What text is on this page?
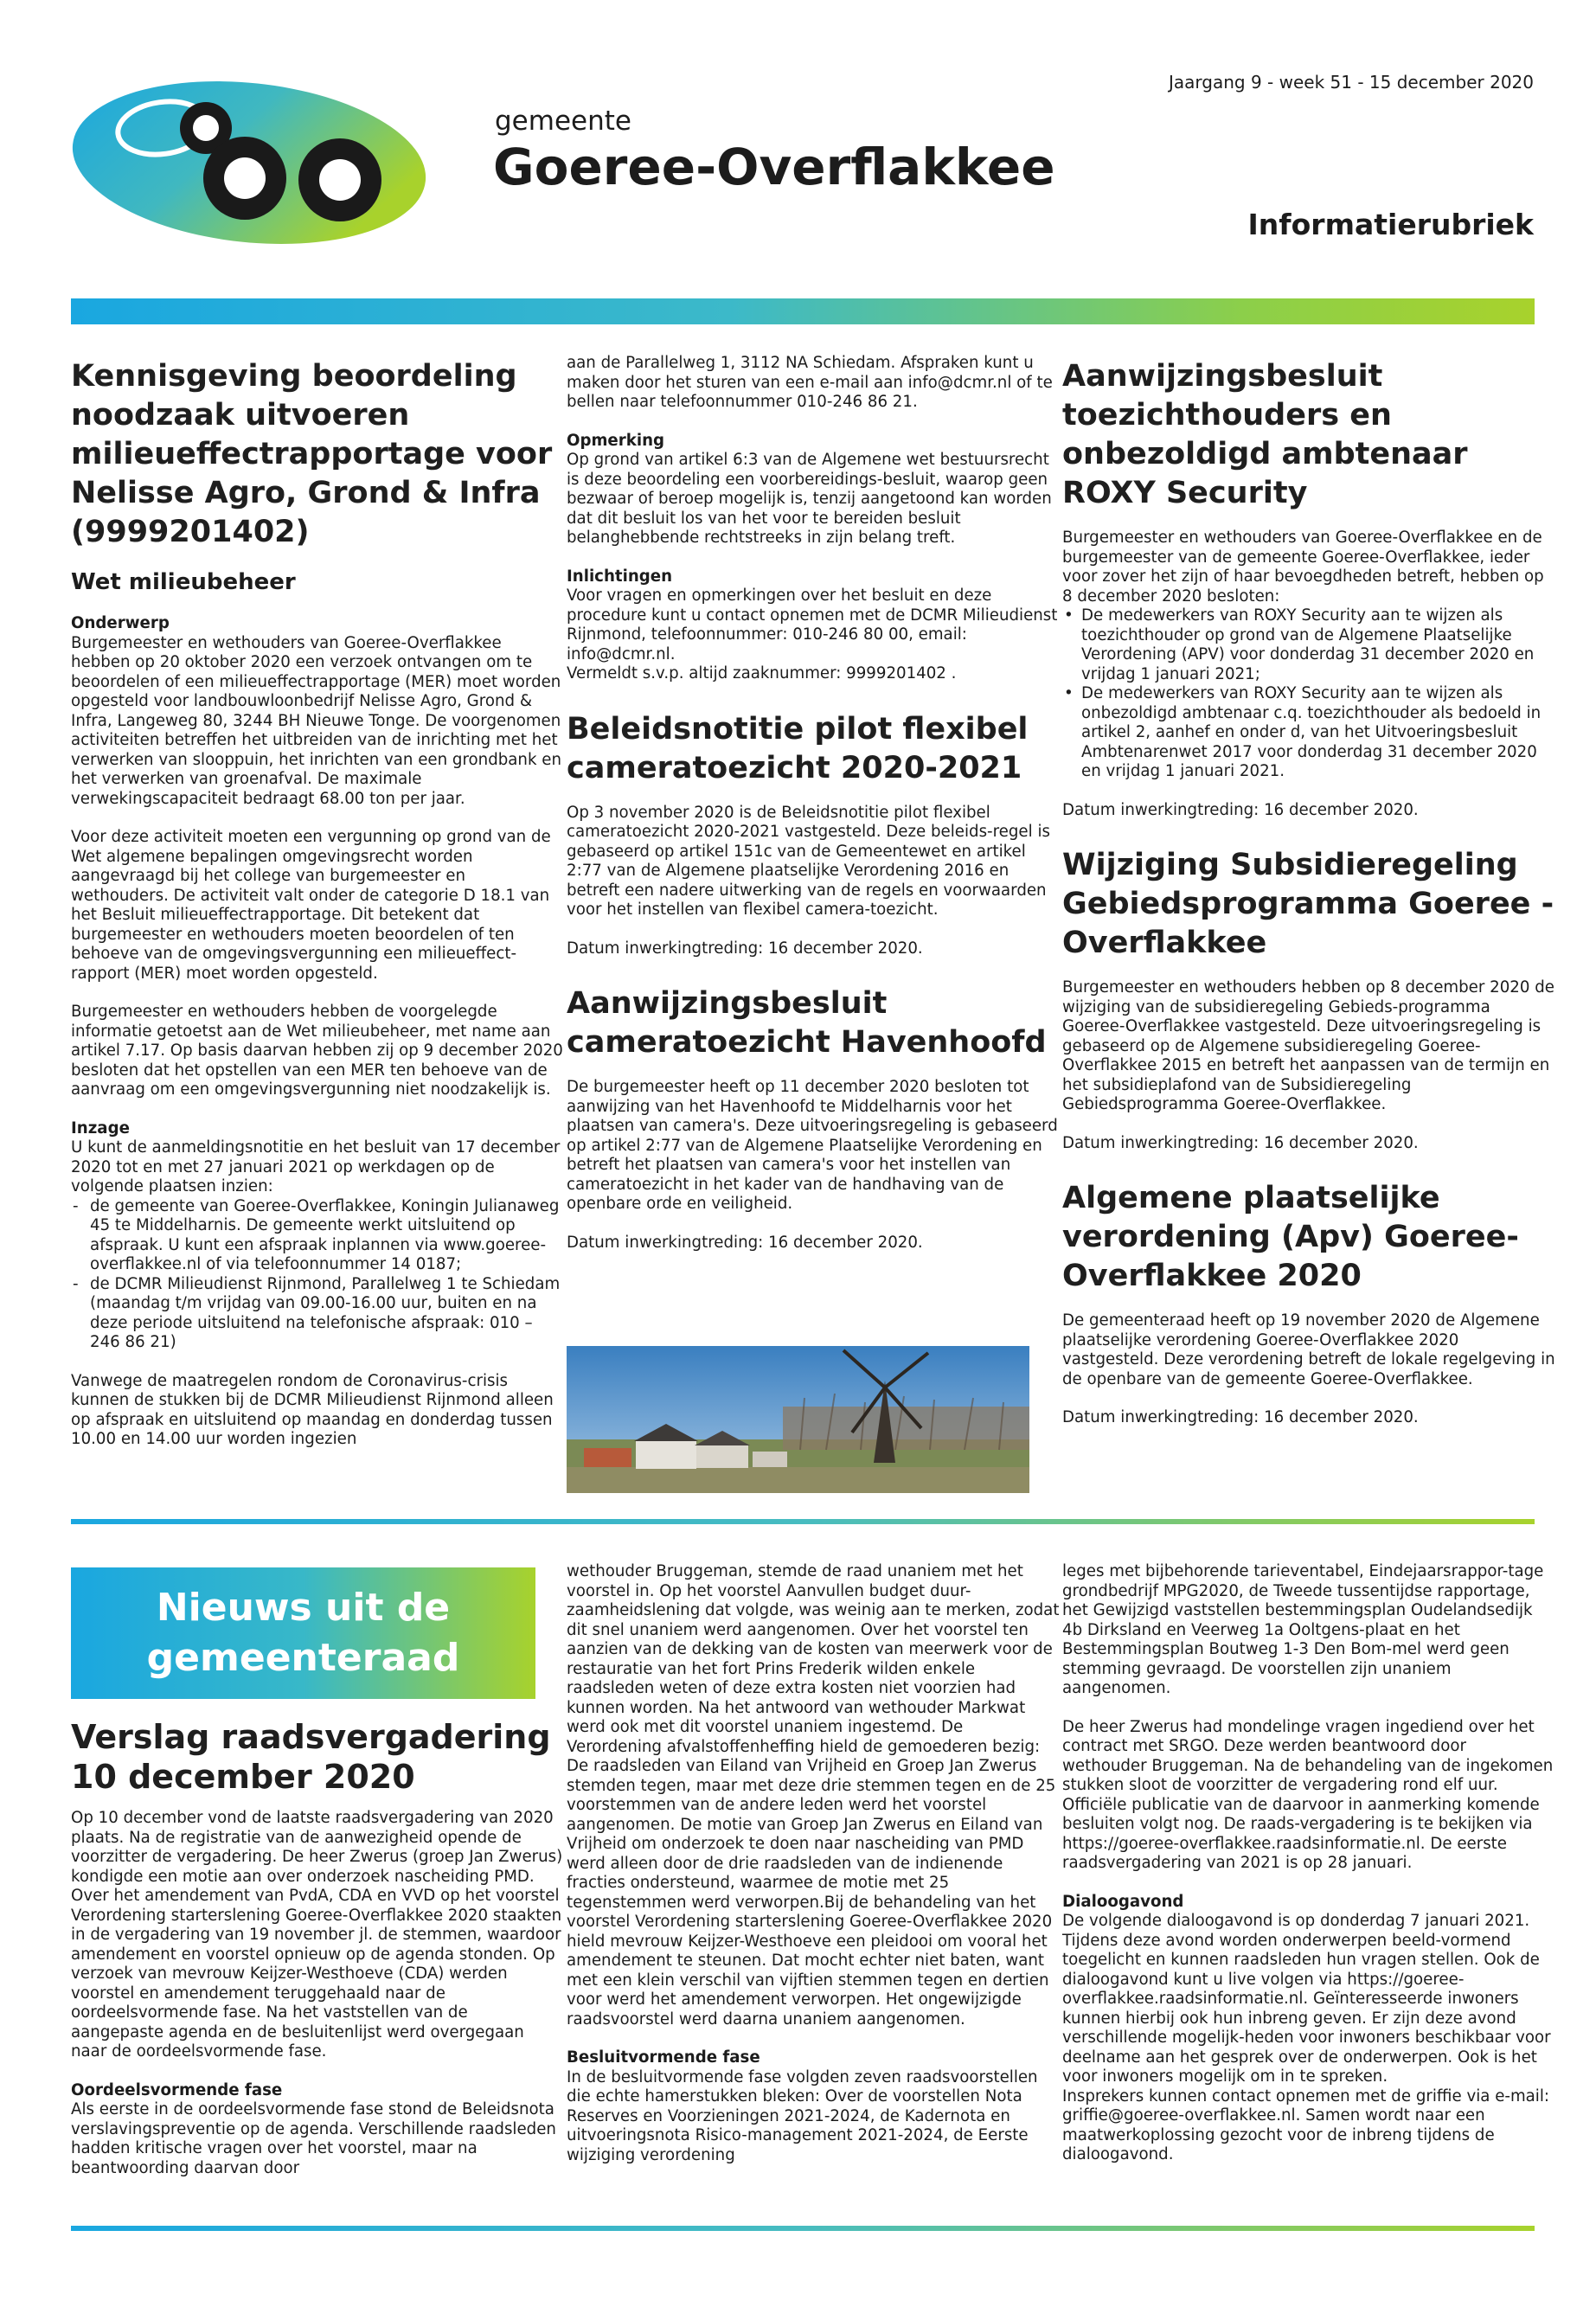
gemeente
Goeree-Overflakkee
Jaargang 9 - week 51 - 15 december 2020
Informatierubriek
Kennisgeving beoordeling noodzaak uitvoeren milieueffectrapportage voor Nelisse Agro, Grond & Infra (9999201402)
Wet milieubeheer
Onderwerp

Burgemeester en wethouders van Goeree-Overflakkee hebben op 20 oktober 2020 een verzoek ontvangen om te beoordelen of een milieueffectrapportage (MER) moet worden opgesteld voor landbouwloonbedrijf Nelisse Agro, Grond & Infra, Langeweg 80, 3244 BH Nieuwe Tonge. De voorgenomen activiteiten betreffen het uitbreiden van de inrichting met het verwerken van slooppuin, het inrichten van een grondbank en het verwerken van groenafval. De maximale verwekingscapaciteit bedraagt 68.00 ton per jaar.

Voor deze activiteit moeten een vergunning op grond van de Wet algemene bepalingen omgevingsrecht worden aangevraagd bij het college van burgemeester en wethouders. De activiteit valt onder de categorie D 18.1 van het Besluit milieueffectrapportage. Dit betekent dat burgemeester en wethouders moeten beoordelen of ten behoeve van de omgevingsvergunning een milieueffect-rapport (MER) moet worden opgesteld.

Burgemeester en wethouders hebben de voorgelegde informatie getoetst aan de Wet milieubeheer, met name aan artikel 7.17. Op basis daarvan hebben zij op 9 december 2020 besloten dat het opstellen van een MER ten behoeve van de aanvraag om een omgevingsvergunning niet noodzakelijk is.

Inzage
U kunt de aanmeldingsnotitie en het besluit van 17 december 2020 tot en met 27 januari 2021 op werkdagen op de volgende plaatsen inzien:
- de gemeente van Goeree-Overflakkee, Koningin Julianaweg 45 te Middelharnis. De gemeente werkt uitsluitend op afspraak. U kunt een afspraak inplannen via www.goeree-overflakkee.nl of via telefoonnummer 14 0187;
- de DCMR Milieudienst Rijnmond, Parallelweg 1 te Schiedam (maandag t/m vrijdag van 09.00-16.00 uur, buiten en na deze periode uitsluitend na telefonische afspraak: 010 – 246 86 21)

Vanwege de maatregelen rondom de Coronavirus-crisis kunnen de stukken bij de DCMR Milieudienst Rijnmond alleen op afspraak en uitsluitend op maandag en donderdag tussen 10.00 en 14.00 uur worden ingezien

aan de Parallelweg 1, 3112 NA Schiedam. Afspraken kunt u maken door het sturen van een e-mail aan info@dcmr.nl of te bellen naar telefoonnummer 010-246 86 21.

Opmerking

Op grond van artikel 6:3 van de Algemene wet bestuursrecht is deze beoordeling een voorbereidings-besluit, waarop geen bezwaar of beroep mogelijk is, tenzij aangetoond kan worden dat dit besluit los van het voor te bereiden besluit belanghebbende rechtstreeks in zijn belang treft.

Inlichtingen
Voor vragen en opmerkingen over het besluit en deze procedure kunt u contact opnemen met de DCMR Milieudienst Rijnmond, telefoonnummer: 010-246 80 00, email: info@dcmr.nl.

Vermeldt s.v.p. altijd zaaknummer: 9999201402 .

Beleidsnotitie pilot flexibel cameratoezicht 2020-2021

Op 3 november 2020 is de Beleidsnotitie pilot flexibel cameratoezicht 2020-2021 vastgesteld. Deze beleids-regel is gebaseerd op artikel 151c van de Gemeentewet en artikel 2:77 van de Algemene plaatselijke Verordening 2016 en betreft een nadere uitwerking van de regels en voorwaarden voor het instellen van flexibel camera-toezicht.

Datum inwerkingtreding: 16 december 2020.

Aanwijzingsbesluit cameratoezicht Havenhoofd

De burgemeester heeft op 11 december 2020 besloten tot aanwijzing van het Havenhoofd te Middelharnis voor het plaatsen van camera's. Deze uitvoeringsregeling is gebaseerd op artikel 2:77 van de Algemene Plaatselijke Verordening en betreft het plaatsen van camera's voor het instellen van cameratoezicht in het kader van de handhaving van de openbare orde en veiligheid.

Datum inwerkingtreding: 16 december 2020.

Aanwijzingsbesluit toezichthouders en onbezoldigd ambtenaar ROXY Security
Burgemeester en wethouders van Goeree-Overflakkee en de burgemeester van de gemeente Goeree-Overflakkee, ieder voor zover het zijn of haar bevoegdheden betreft, hebben op 8 december 2020 besloten:
• De medewerkers van ROXY Security aan te wijzen als toezichthouder op grond van de Algemene Plaatselijke Verordening (APV) voor donderdag 31 december 2020 en vrijdag 1 januari 2021;
• De medewerkers van ROXY Security aan te wijzen als onbezoldigd ambtenaar c.q. toezichthouder als bedoeld in artikel 2, aanhef en onder d, van het Uitvoeringsbesluit Ambtenarenwet 2017 voor donderdag 31 december 2020 en vrijdag 1 januari 2021.

Datum inwerkingtreding: 16 december 2020.

Wijziging Subsidieregeling Gebiedsprogramma Goeree - Overflakkee

Burgemeester en wethouders hebben op 8 december 2020 de wijziging van de subsidieregeling Gebieds-programma Goeree-Overflakkee vastgesteld. Deze uitvoeringsregeling is gebaseerd op de Algemene subsidieregeling Goeree-Overflakkee 2015 en betreft het aanpassen van de termijn en het subsidieplafond van de Subsidieregeling Gebiedsprogramma Goeree-Overflakkee.

Datum inwerkingtreding: 16 december 2020.

Algemene plaatselijke verordening (Apv) Goeree-Overflakkee 2020

De gemeenteraad heeft op 19 november 2020 de Algemene plaatselijke verordening Goeree-Overflakkee 2020 vastgesteld. Deze verordening betreft de lokale regelgeving in de openbare van de gemeente Goeree-Overflakkee.

Datum inwerkingtreding: 16 december 2020.

Nieuws uit de
gemeenteraad
Verslag raadsvergadering 10 december 2020

Op 10 december vond de laatste raadsvergadering van 2020 plaats. Na de registratie van de aanwezigheid opende de voorzitter de vergadering. De heer Zwerus (groep Jan Zwerus) kondigde een motie aan over onderzoek nascheiding PMD. Over het amendement van PvdA, CDA en VVD op het voorstel Verordening starterslening Goeree-Overflakkee 2020 staakten in de vergadering van 19 november jl. de stemmen, waardoor amendement en voorstel opnieuw op de agenda stonden. Op verzoek van mevrouw Keijzer-Westhoeve (CDA) werden voorstel en amendement teruggehaald naar de oordeelsvormende fase. Na het vaststellen van de aangepaste agenda en de besluitenlijst werd overgegaan naar de oordeelsvormende fase.

Oordeelsvormende fase

Als eerste in de oordeelsvormende fase stond de Beleidsnota verslavingspreventie op de agenda. Verschillende raadsleden hadden kritische vragen over het voorstel, maar na beantwoording daarvan door

wethouder Bruggeman, stemde de raad unaniem met het voorstel in. Op het voorstel Aanvullen budget duur-zaamheidslening dat volgde, was weinig aan te merken, zodat dit snel unaniem werd aangenomen. Over het voorstel ten aanzien van de dekking van de kosten van meerwerk voor de restauratie van het fort Prins Frederik wilden enkele raadsleden weten of deze extra kosten niet voorzien had kunnen worden. Na het antwoord van wethouder Markwat werd ook met dit voorstel unaniem ingestemd. De Verordening afvalstoffenheffing hield de gemoederen bezig: De raadsleden van Eiland van Vrijheid en Groep Jan Zwerus stemden tegen, maar met deze drie stemmen tegen en de 25 voorstemmen van de andere leden werd het voorstel aangenomen. De motie van Groep Jan Zwerus en Eiland van Vrijheid om onderzoek te doen naar nascheiding van PMD werd alleen door de drie raadsleden van de indienende fracties ondersteund, waarmee de motie met 25 tegenstemmen werd verworpen.Bij de behandeling van het voorstel Verordening starterslening Goeree-Overflakkee 2020 hield mevrouw Keijzer-Westhoeve een pleidooi om vooral het amendement te steunen. Dat mocht echter niet baten, want met een klein verschil van vijftien stemmen tegen en dertien voor werd het amendement verworpen. Het ongewijzigde raadsvoorstel werd daarna unaniem aangenomen.

Besluitvormende fase

In de besluitvormende fase volgden zeven raadsvoorstellen die echte hamerstukken bleken: Over de voorstellen Nota Reserves en Voorzieningen 2021-2024, de Kadernota en uitvoeringsnota Risico-management 2021-2024, de Eerste wijziging verordening

leges met bijbehorende tarieventabel, Eindejaarsrappor-tage grondbedrijf MPG2020, de Tweede tussentijdse rapportage, het Gewijzigd vaststellen bestemmingsplan Oudelandsedijk 4b Dirksland en Veerweg 1a Ooltgens-plaat en het Bestemmingsplan Boutweg 1-3 Den Bom-mel werd geen stemming gevraagd. De voorstellen zijn unaniem aangenomen.

De heer Zwerus had mondelinge vragen ingediend over het contract met SRGO. Deze werden beantwoord door wethouder Bruggeman. Na de behandeling van de ingekomen stukken sloot de voorzitter de vergadering rond elf uur. Officiële publicatie van de daarvoor in aanmerking komende besluiten volgt nog. De raads-vergadering is te bekijken via https://goeree-overflakkee.raadsinformatie.nl. De eerste raadsvergadering van 2021 is op 28 januari.

Dialoogavond
De volgende dialoogavond is op donderdag 7 januari 2021. Tijdens deze avond worden onderwerpen beeld-vormend toegelicht en kunnen raadsleden hun vragen stellen. Ook de dialoogavond kunt u live volgen via https://goeree-overflakkee.raadsinformatie.nl. Geïnteresseerde inwoners kunnen hierbij ook hun inbreng geven. Er zijn deze avond verschillende mogelijk-heden voor inwoners beschikbaar voor deelname aan het gesprek over de onderwerpen. Ook is het voor inwoners mogelijk om in te spreken.

Insprekers kunnen contact opnemen met de griffie via e-mail: griffie@goeree-overflakkee.nl. Samen wordt naar een maatwerkoplossing gezocht voor de inbreng tijdens de dialoogavond.
